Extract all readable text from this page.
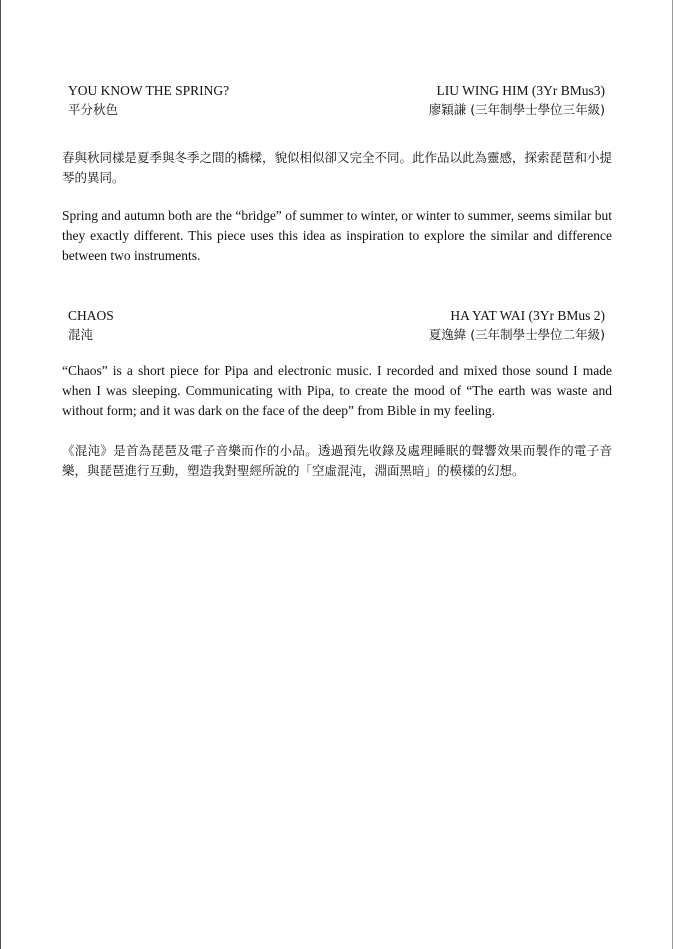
YOU KNOW THE SPRING?
平分秋色
LIU WING HIM (3Yr BMus3)
廖穎謙 (三年制學士學位三年級)

春與秋同樣是夏季與冬季之間的橋樑，貌似相似卻又完全不同。此作品以此為靈感，探索琵琶和小提琴的異同。

Spring and autumn both are the “bridge” of summer to winter, or winter to summer, seems similar but they exactly different. This piece uses this idea as inspiration to explore the similar and difference between two instruments.

CHAOS
混沌
HA YAT WAI (3Yr BMus 2)
夏逸緯 (三年制學士學位二年級)

“Chaos” is a short piece for Pipa and electronic music. I recorded and mixed those sound I made when I was sleeping. Communicating with Pipa, to create the mood of “The earth was waste and without form; and it was dark on the face of the deep” from Bible in my feeling.

《混沌》是首為琵琶及電子音樂而作的小品。透過預先收錄及處理睡眠的聲響效果而製作的電子音樂，與琵琶進行互動，塑造我對聖經所說的「空虛混沌，淵面黑暗」的模樣的幻想。
